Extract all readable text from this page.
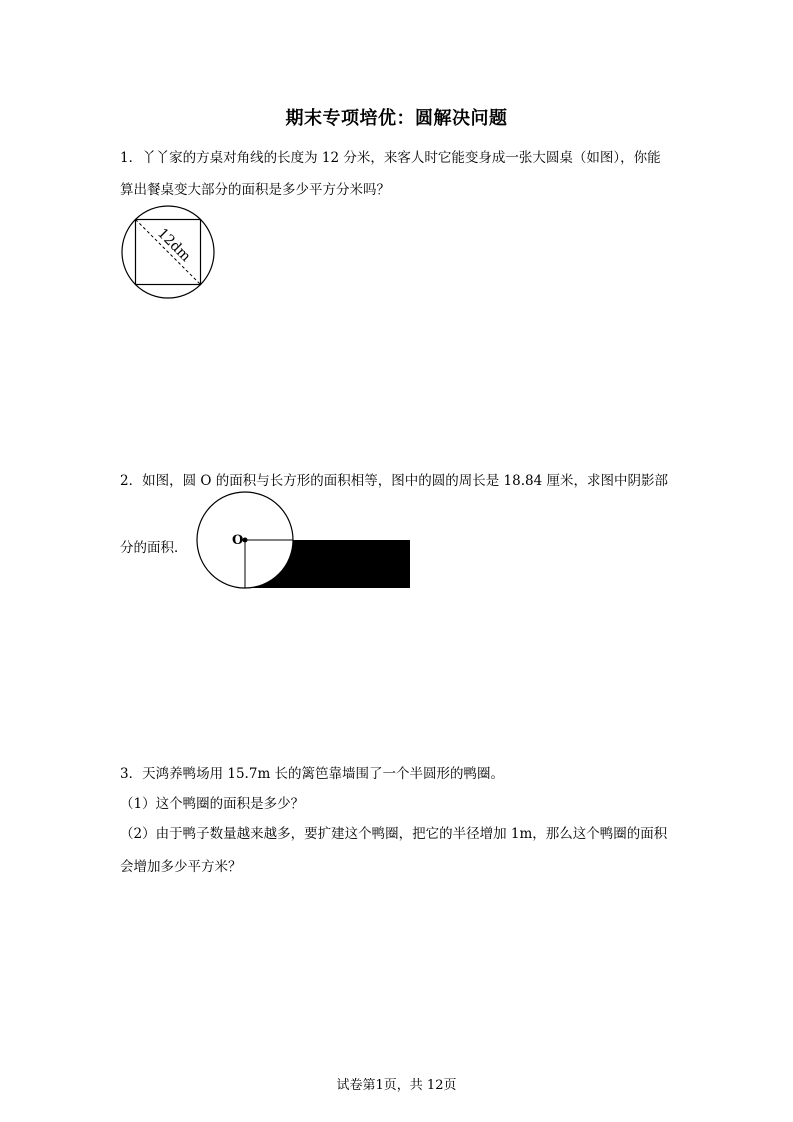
期末专项培优：圆解决问题
1．丫丫家的方桌对角线的长度为 12 分米，来客人时它能变身成一张大圆桌（如图），你能
算出餐桌变大部分的面积是多少平方分米吗？
12dm
2．如图，圆 O 的面积与长方形的面积相等，图中的圆的周长是 18.84 厘米，求图中阴影部
分的面积．	O
3．天鸿养鸭场用 15.7m 长的篱笆靠墙围了一个半圆形的鸭圈。
（1）这个鸭圈的面积是多少？
（2）由于鸭子数量越来越多，要扩建这个鸭圈，把它的半径增加 1m，那么这个鸭圈的面积
会增加多少平方米？
试卷第1页，共 12页
